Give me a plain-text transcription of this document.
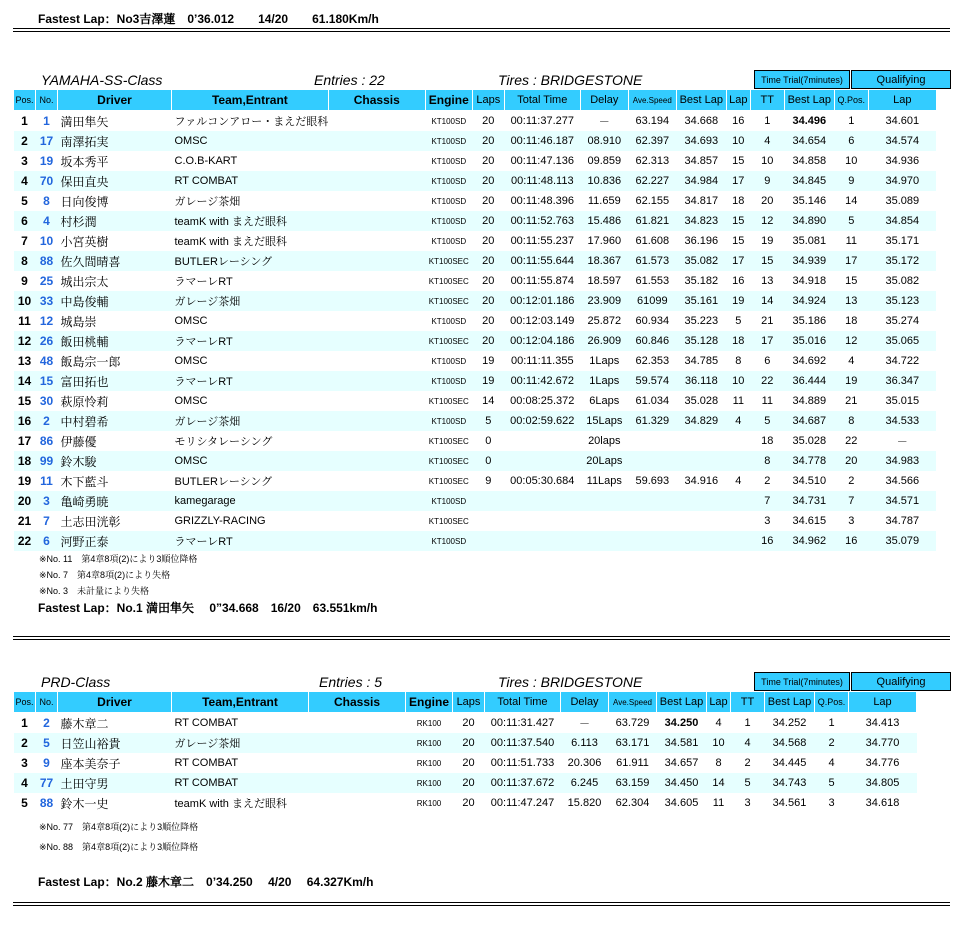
Fastest Lap：No3吉澤蓮　0’36.012　　14/20　　61.180Km/h
YAMAHA-SS-Class	Entries : 22	Tires : BRIDGESTONE	Time Trial(7minutes)	Qualifying
Pos.	No.	Driver	Team,Entrant	Chassis	Engine	Laps	Total Time	Delay	Ave.Speed	Best Lap	Lap	TT	Best Lap	Q.Pos.	Lap
1	1	満田隼矢	ファルコンアロー・まえだ眼科		KT100SD	20	00:11:37.277	－	63.194	34.668	16	1	34.496	1	34.601
2	17	南澤拓実	OMSC		KT100SD	20	00:11:46.187	08.910	62.397	34.693	10	4	34.654	6	34.574
3	19	坂本秀平	C.O.B-KART		KT100SD	20	00:11:47.136	09.859	62.313	34.857	15	10	34.858	10	34.936
4	70	保田直央	RT COMBAT		KT100SD	20	00:11:48.113	10.836	62.227	34.984	17	9	34.845	9	34.970
5	8	日向俊博	ガレージ茶畑		KT100SD	20	00:11:48.396	11.659	62.155	34.817	18	20	35.146	14	35.089
6	4	村杉潤	teamK with まえだ眼科		KT100SD	20	00:11:52.763	15.486	61.821	34.823	15	12	34.890	5	34.854
7	10	小宮英樹	teamK with まえだ眼科		KT100SD	20	00:11:55.237	17.960	61.608	36.196	15	19	35.081	11	35.171
8	88	佐久間晴喜	BUTLERレーシング		KT100SEC	20	00:11:55.644	18.367	61.573	35.082	17	15	34.939	17	35.172
9	25	城出宗太	ラマーレRT		KT100SEC	20	00:11:55.874	18.597	61.553	35.182	16	13	34.918	15	35.082
10	33	中島俊輔	ガレージ茶畑		KT100SEC	20	00:12:01.186	23.909	61099	35.161	19	14	34.924	13	35.123
11	12	城島崇	OMSC		KT100SD	20	00:12:03.149	25.872	60.934	35.223	5	21	35.186	18	35.274
12	26	飯田桃輔	ラマーレRT		KT100SEC	20	00:12:04.186	26.909	60.846	35.128	18	17	35.016	12	35.065
13	48	飯島宗一郎	OMSC		KT100SD	19	00:11:11.355	1Laps	62.353	34.785	8	6	34.692	4	34.722
14	15	富田拓也	ラマーレRT		KT100SD	19	00:11:42.672	1Laps	59.574	36.118	10	22	36.444	19	36.347
15	30	萩原怜莉	OMSC		KT100SEC	14	00:08:25.372	6Laps	61.034	35.028	11	11	34.889	21	35.015
16	2	中村碧希	ガレージ茶畑		KT100SD	5	00:02:59.622	15Laps	61.329	34.829	4	5	34.687	8	34.533
17	86	伊藤優	モリシタレーシング		KT100SEC	0		20laps				18	35.028	22	－
18	99	鈴木駿	OMSC		KT100SEC	0		20Laps				8	34.778	20	34.983
19	11	木下藍斗	BUTLERレーシング		KT100SEC	9	00:05:30.684	11Laps	59.693	34.916	4	2	34.510	2	34.566
20	3	亀崎勇暁	kamegarage		KT100SD							7	34.731	7	34.571
21	7	土志田洸彰	GRIZZLY-RACING		KT100SEC							3	34.615	3	34.787
22	6	河野正泰	ラマーレRT		KT100SD							16	34.962	16	35.079
※No. 11　第4章8項(2)により3順位降格
※No. 7　第4章8項(2)により失格
※No. 3　未計量により失格
Fastest Lap：No.1 満田隼矢　 0”34.668　16/20　63.551km/h
PRD-Class	Entries : 5	Tires : BRIDGESTONE	Time Trial(7minutes)	Qualifying
Pos.	No.	Driver	Team,Entrant	Chassis	Engine	Laps	Total Time	Delay	Ave.Speed	Best Lap	Lap	TT	Best Lap	Q.Pos.	Lap
1	2	藤木章二	RT COMBAT		RK100	20	00:11:31.427	－	63.729	34.250	4	1	34.252	1	34.413
2	5	日笠山裕貴	ガレージ茶畑		RK100	20	00:11:37.540	6.113	63.171	34.581	10	4	34.568	2	34.770
3	9	座本美奈子	RT COMBAT		RK100	20	00:11:51.733	20.306	61.911	34.657	8	2	34.445	4	34.776
4	77	土田守男	RT COMBAT		RK100	20	00:11:37.672	6.245	63.159	34.450	14	5	34.743	5	34.805
5	88	鈴木一史	teamK with まえだ眼科		RK100	20	00:11:47.247	15.820	62.304	34.605	11	3	34.561	3	34.618
※No. 77　第4章8項(2)により3順位降格
※No. 88　第4章8項(2)により3順位降格
Fastest Lap：No.2 藤木章二　0’34.250　 4/20　 64.327Km/h
